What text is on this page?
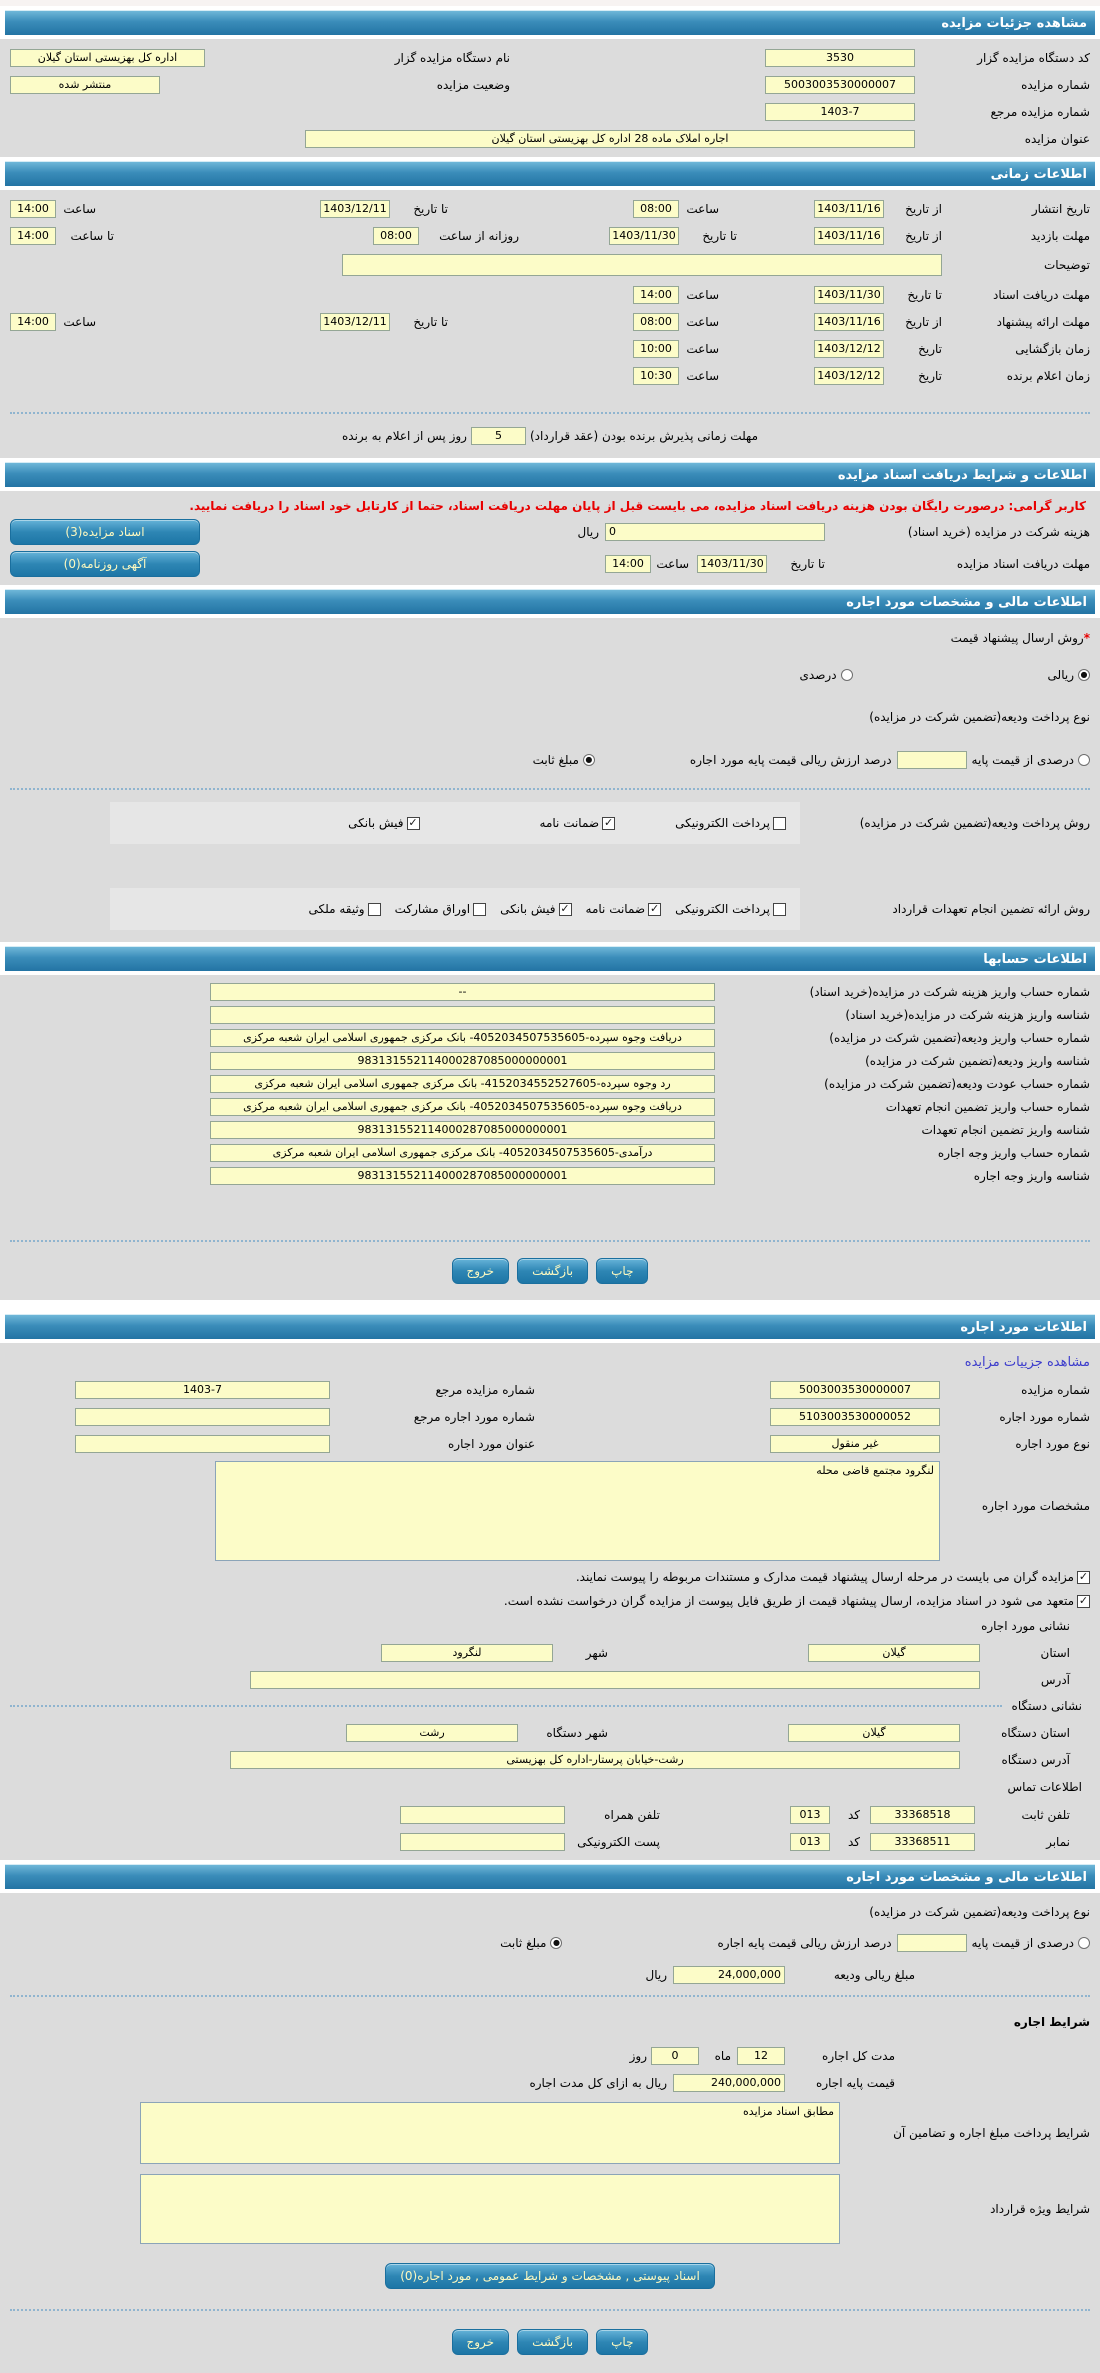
مشاهده جزئیات مزایده
کد دستگاه مزایده گزار
3530
نام دستگاه مزایده گزار
اداره کل بهزیستی استان گیلان
شماره مزایده
5003003530000007
وضعیت مزایده
منتشر شده
شماره مزایده مرجع
1403-7
عنوان مزایده
اجاره املاک ماده 28 اداره کل بهزیستی استان گیلان
اطلاعات زمانی
تاریخ انتشار
از تاریخ
1403/11/16
ساعت
08:00
تا تاریخ
1403/12/11
ساعت
14:00
مهلت بازدید
از تاریخ
1403/11/16
تا تاریخ
1403/11/30
روزانه از ساعت
08:00
تا ساعت
14:00
توضیحات
مهلت دریافت اسناد
تا تاریخ
1403/11/30
ساعت
14:00
مهلت ارائه پیشنهاد
از تاریخ
1403/11/16
ساعت
08:00
تا تاریخ
1403/12/11
ساعت
14:00
زمان بازگشایی
تاریخ
1403/12/12
ساعت
10:00
زمان اعلام برنده
تاریخ
1403/12/12
ساعت
10:30
مهلت زمانی پذیرش برنده بودن (عقد قرارداد)
5
روز پس از اعلام به برنده
اطلاعات و شرایط دریافت اسناد مزایده
کاربر گرامی: درصورت رایگان بودن هزینه دریافت اسناد مزایده، می بایست قبل از پایان مهلت دریافت اسناد، حتما از کارتابل خود اسناد را دریافت نمایید.
هزینه شرکت در مزایده (خرید اسناد)
0
ریال
اسناد مزایده(3)
مهلت دریافت اسناد مزایده
تا تاریخ
1403/11/30
ساعت
14:00
آگهی روزنامه(0)
اطلاعات مالی و مشخصات مورد اجاره
*
روش ارسال پیشنهاد قیمت
●
ریالی
درصدی
نوع پرداخت ودیعه(تضمین شرکت در مزایده)
درصدی از قیمت پایه
درصد ارزش ریالی قیمت پایه مورد اجاره
●
مبلغ ثابت
روش پرداخت ودیعه(تضمین شرکت در مزایده)
پرداخت الکترونیکی
✓
ضمانت نامه
✓
فیش بانکی
روش ارائه تضمین انجام تعهدات قرارداد
پرداخت الکترونیکی
✓
ضمانت نامه
✓
فیش بانکی
اوراق مشارکت
وثیقه ملکی
اطلاعات حسابها
شماره حساب واریز هزینه شرکت در مزایده(خرید اسناد)
--
شناسه واریز هزینه شرکت در مزایده(خرید اسناد)
شماره حساب واریز ودیعه(تضمین شرکت در مزایده)
دریافت وجوه سپرده-4052034507535605- بانک مرکزی جمهوری اسلامی ایران شعبه مرکزی
شناسه واریز ودیعه(تضمین شرکت در مزایده)
983131552114000287085000000001
شماره حساب عودت ودیعه(تضمین شرکت در مزایده)
رد وجوه سپرده-4152034552527605- بانک مرکزی جمهوری اسلامی ایران شعبه مرکزی
شماره حساب واریز تضمین انجام تعهدات
دریافت وجوه سپرده-4052034507535605- بانک مرکزی جمهوری اسلامی ایران شعبه مرکزی
شناسه واریز تضمین انجام تعهدات
983131552114000287085000000001
شماره حساب واریز وجه اجاره
درآمدی-4052034507535605- بانک مرکزی جمهوری اسلامی ایران شعبه مرکزی
شناسه واریز وجه اجاره
983131552114000287085000000001
چاپ
بازگشت
خروج
اطلاعات مورد اجاره
مشاهده جزییات مزایده
شماره مزایده
5003003530000007
شماره مزایده مرجع
1403-7
شماره مورد اجاره
5103003530000052
شماره مورد اجاره مرجع
نوع مورد اجاره
غیر منقول
عنوان مورد اجاره
مشخصات مورد اجاره
لنگرود مجتمع قاضی محله
✓
مزایده گران می بایست در مرحله ارسال پیشنهاد قیمت مدارک و مستندات مربوطه را پیوست نمایند.
✓
متعهد می شود در اسناد مزایده، ارسال پیشنهاد قیمت از طریق فایل پیوست از مزایده گران درخواست نشده است.
نشانی مورد اجاره
استان
گیلان
شهر
لنگرود
آدرس
نشانی دستگاه
استان دستگاه
گیلان
شهر دستگاه
رشت
آدرس دستگاه
رشت-خیابان پرستار-اداره کل بهزیستی
اطلاعات تماس
تلفن ثابت
33368518
کد
013
تلفن همراه
نمابر
33368511
کد
013
پست الکترونیکی
اطلاعات مالی و مشخصات مورد اجاره
نوع پرداخت ودیعه(تضمین شرکت در مزایده)
درصدی از قیمت پایه
درصد ارزش ریالی قیمت پایه اجاره
●
مبلغ ثابت
مبلغ ریالی ودیعه
24,000,000
ریال
شرایط اجاره
مدت کل اجاره
12
ماه
0
روز
قیمت پایه اجاره
240,000,000
ریال به ازای کل مدت اجاره
شرایط پرداخت مبلغ اجاره و تضامین آن
مطابق اسناد مزایده
شرایط ویژه قرارداد
اسناد پیوستی , مشخصات و شرایط عمومی , مورد اجاره(0)
چاپ
بازگشت
خروج
